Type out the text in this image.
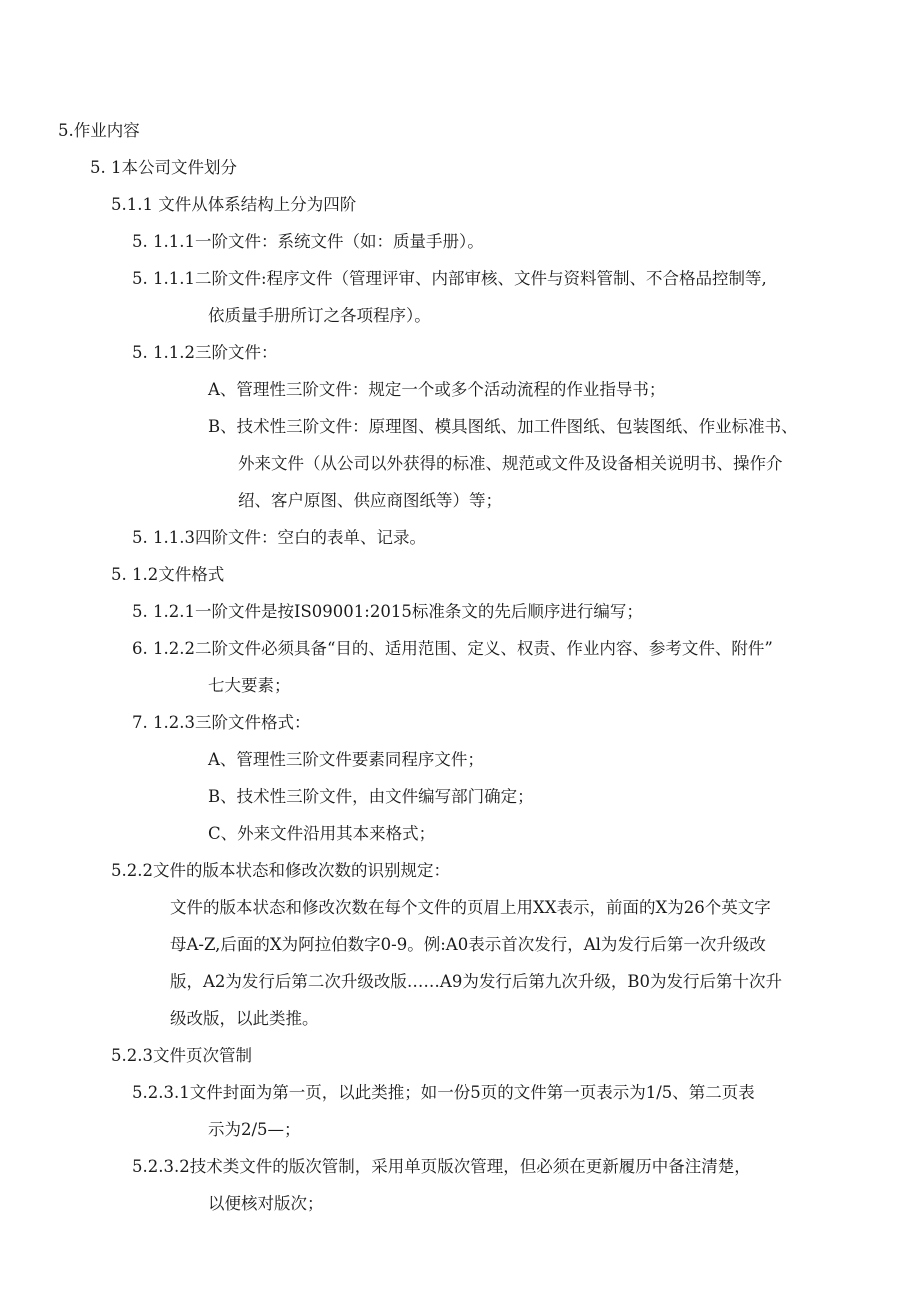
5.作业内容
5. 1本公司文件划分
5.1.1 文件从体系结构上分为四阶
5. 1.1.1一阶文件：系统文件（如：质量手册）。
5. 1.1.1二阶文件:程序文件（管理评审、内部审核、文件与资料管制、不合格品控制等,
依质量手册所订之各项程序）。
5. 1.1.2三阶文件：
A、管理性三阶文件：规定一个或多个活动流程的作业指导书；
B、技术性三阶文件：原理图、模具图纸、加工件图纸、包装图纸、作业标准书、
外来文件（从公司以外获得的标准、规范或文件及设备相关说明书、操作介
绍、客户原图、供应商图纸等）等；
5. 1.1.3四阶文件：空白的表单、记录。
5. 1.2文件格式
5. 1.2.1一阶文件是按IS09001:2015标准条文的先后顺序进行编写；
6. 1.2.2二阶文件必须具备“目的、适用范围、定义、权责、作业内容、参考文件、附件”
七大要素；
7. 1.2.3三阶文件格式：
A、管理性三阶文件要素同程序文件；
B、技术性三阶文件，由文件编写部门确定；
C、外来文件沿用其本来格式；
5.2.2文件的版本状态和修改次数的识别规定：
文件的版本状态和修改次数在每个文件的页眉上用XX表示，前面的X为26个英文字
母A-Z,后面的X为阿拉伯数字0-9。例:A0表示首次发行，Al为发行后第一次升级改
版，A2为发行后第二次升级改版……A9为发行后第九次升级，B0为发行后第十次升
级改版，以此类推。
5.2.3文件页次管制
5.2.3.1文件封面为第一页，以此类推；如一份5页的文件第一页表示为1/5、第二页表
示为2/5—；
5.2.3.2技术类文件的版次管制，采用单页版次管理，但必须在更新履历中备注清楚，
以便核对版次；
